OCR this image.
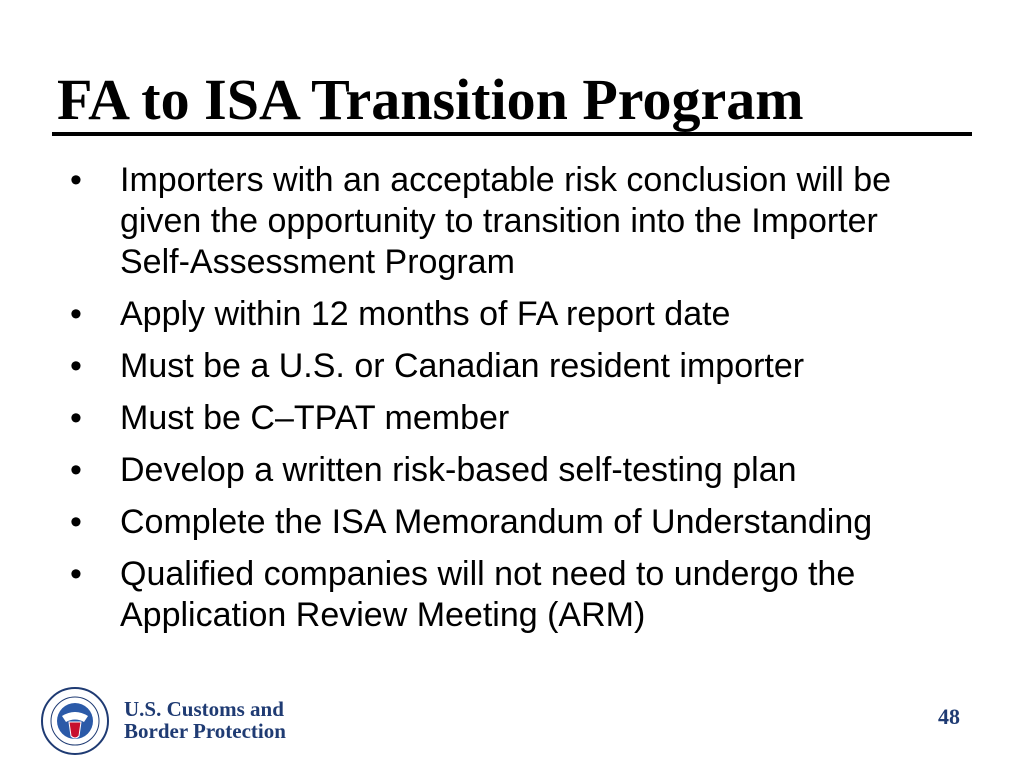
FA to ISA Transition Program
• Importers with an acceptable risk conclusion will be given the opportunity to transition into the Importer Self-Assessment Program
• Apply within 12 months of FA report date
• Must be a U.S. or Canadian resident importer
• Must be C–TPAT member
• Develop a written risk-based self-testing plan
• Complete the ISA Memorandum of Understanding
• Qualified companies will not need to undergo the Application Review Meeting (ARM)
U.S. Customs and
Border Protection
48
